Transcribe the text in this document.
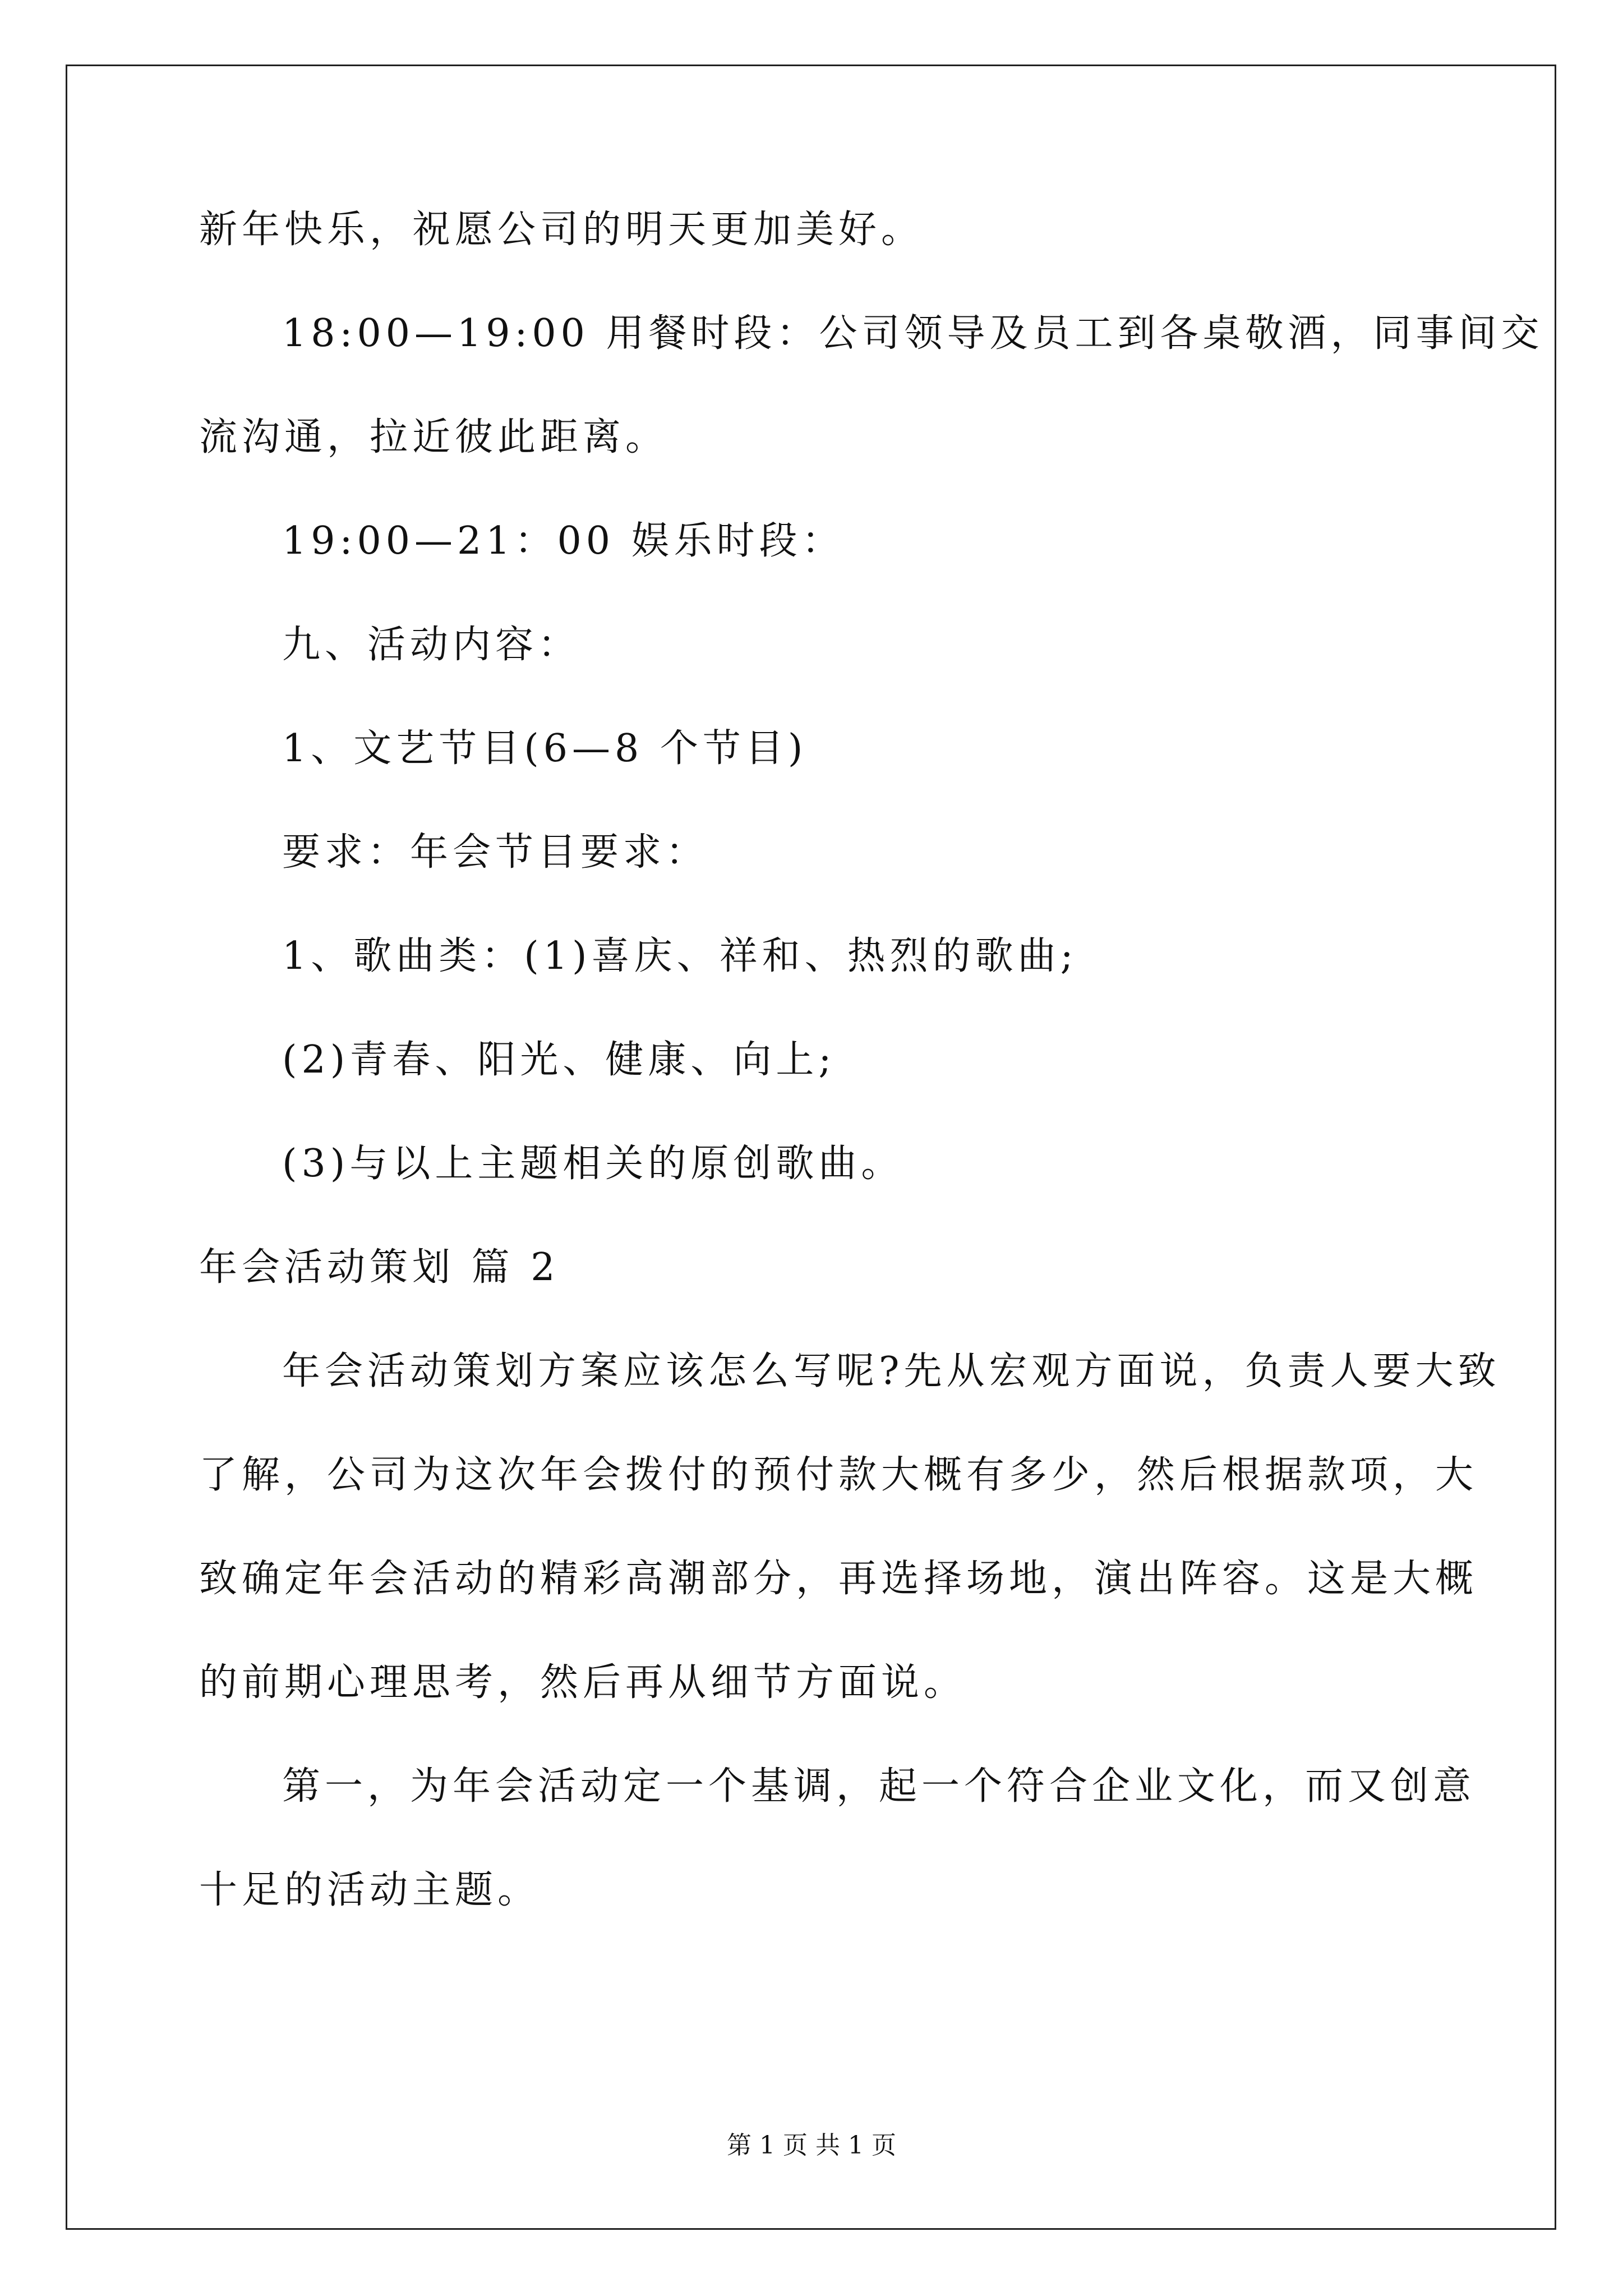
新年快乐，祝愿公司的明天更加美好。
18:00—19:00 用餐时段：公司领导及员工到各桌敬酒，同事间交
流沟通，拉近彼此距离。
19:00—21：00 娱乐时段：
九、活动内容：
1、文艺节目(6—8 个节目)
要求：年会节目要求：
1、歌曲类：(1)喜庆、祥和、热烈的歌曲;
(2)青春、阳光、健康、向上;
(3)与以上主题相关的原创歌曲。
年会活动策划 篇 2
年会活动策划方案应该怎么写呢?先从宏观方面说，负责人要大致
了解，公司为这次年会拨付的预付款大概有多少，然后根据款项，大
致确定年会活动的精彩高潮部分，再选择场地，演出阵容。这是大概
的前期心理思考，然后再从细节方面说。
第一，为年会活动定一个基调，起一个符合企业文化，而又创意
十足的活动主题。
第 1 页 共 1 页
